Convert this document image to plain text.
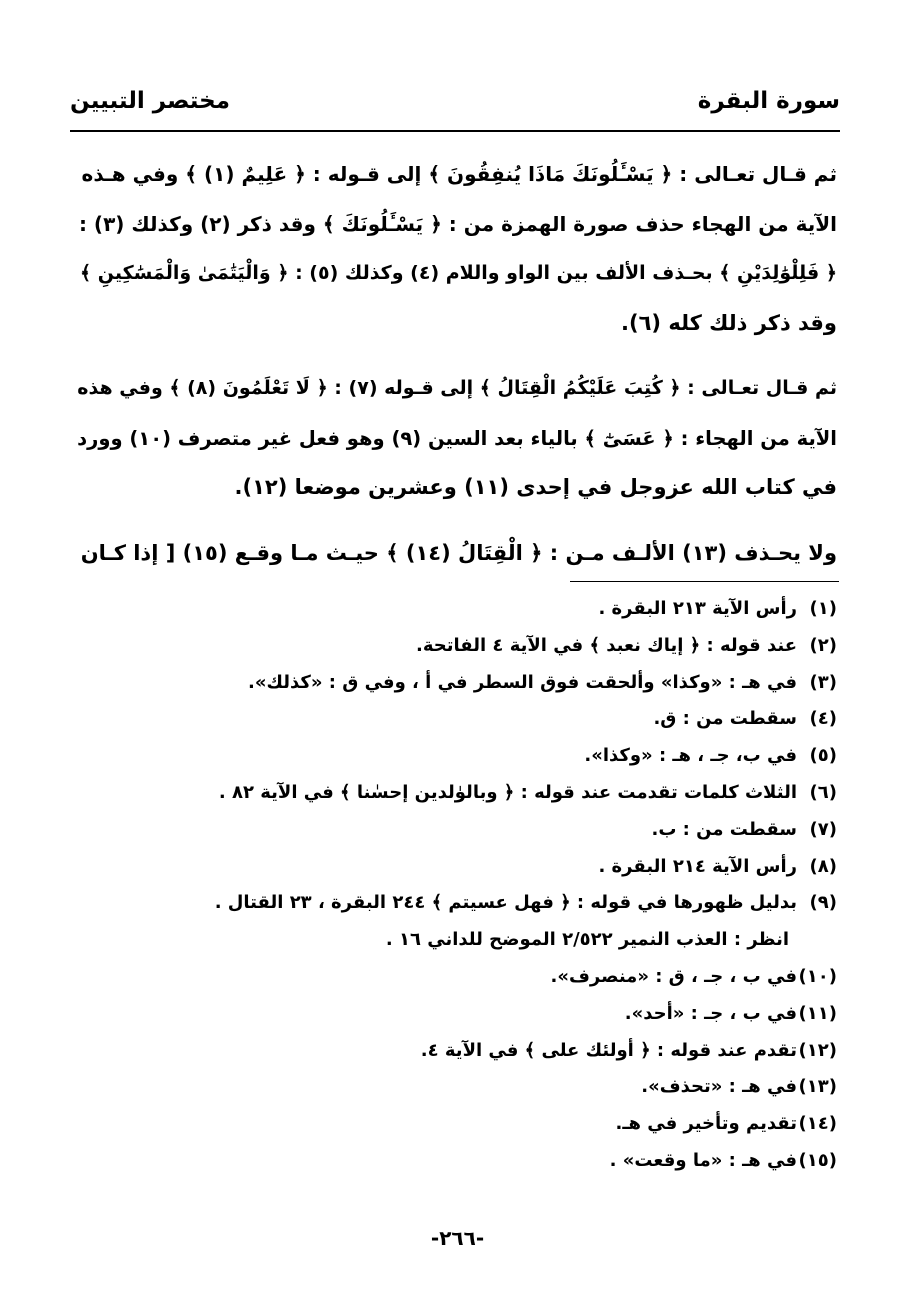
سورة البقرة
مختصر التبيين

ثم قـال تعـالى : ﴿ يَسْـَٔلُونَكَ مَاذَا يُنفِقُونَ ﴾ إلى قـوله : ﴿ عَلِيمٌ (١) ﴾ وفي هـذه
الآية من الهجاء حذف صورة الهمزة من : ﴿ يَسْـَٔلُونَكَ ﴾ وقد ذكر (٢) وكذلك (٣) :
﴿ فَلِلْوَٰلِدَيْنِ ﴾ بحـذف الألف بين الواو واللام (٤) وكذلك (٥) : ﴿ وَالْيَتَٰمَىٰ وَالْمَسَٰكِينِ ﴾
وقد ذكر ذلك كله (٦).

ثم قـال تعـالى : ﴿ كُتِبَ عَلَيْكُمُ الْقِتَالُ ﴾ إلى قـوله (٧) : ﴿ لَا تَعْلَمُونَ (٨) ﴾ وفي هذه
الآية من الهجاء : ﴿ عَسَىٰٓ ﴾ بالياء بعد السين (٩) وهو فعل غير متصرف (١٠) وورد
في كتاب الله عزوجل في إحدى (١١) وعشرين موضعا (١٢).

ولا يحـذف (١٣) الألـف مـن : ﴿ الْقِتَالُ (١٤) ﴾ حيـث مـا وقـع (١٥) [ إذا كـان

(١)رأس الآية ٢١٣ البقرة .
(٢)عند قوله : ﴿ إياك نعبد ﴾ في الآية ٤ الفاتحة.
(٣)في هـ : «وكذا» وألحقت فوق السطر في أ ، وفي ق : «كذلك».
(٤)سقطت من : ق.
(٥)في ب، جـ ، هـ : «وكذا».
(٦)الثلاث كلمات تقدمت عند قوله : ﴿ وبالوٰلدين إحسٰنا ﴾ في الآية ٨٢ .
(٧)سقطت من : ب.
(٨)رأس الآية ٢١٤ البقرة .
(٩)بدليل ظهورها في قوله : ﴿ فهل عسيتم ﴾ ٢٤٤ البقرة ، ٢٣ القتال .
انظر : العذب النمير ٢/٥٢٢ الموضح للداني ١٦ .
(١٠)في ب ، جـ ، ق : «منصرف».
(١١)في ب ، جـ : «أحد».
(١٢)تقدم عند قوله : ﴿ أولئك على ﴾ في الآية ٤.
(١٣)في هـ : «تحذف».
(١٤)تقديم وتأخير في هـ.
(١٥)في هـ : «ما وقعت» .
-٢٦٦-
